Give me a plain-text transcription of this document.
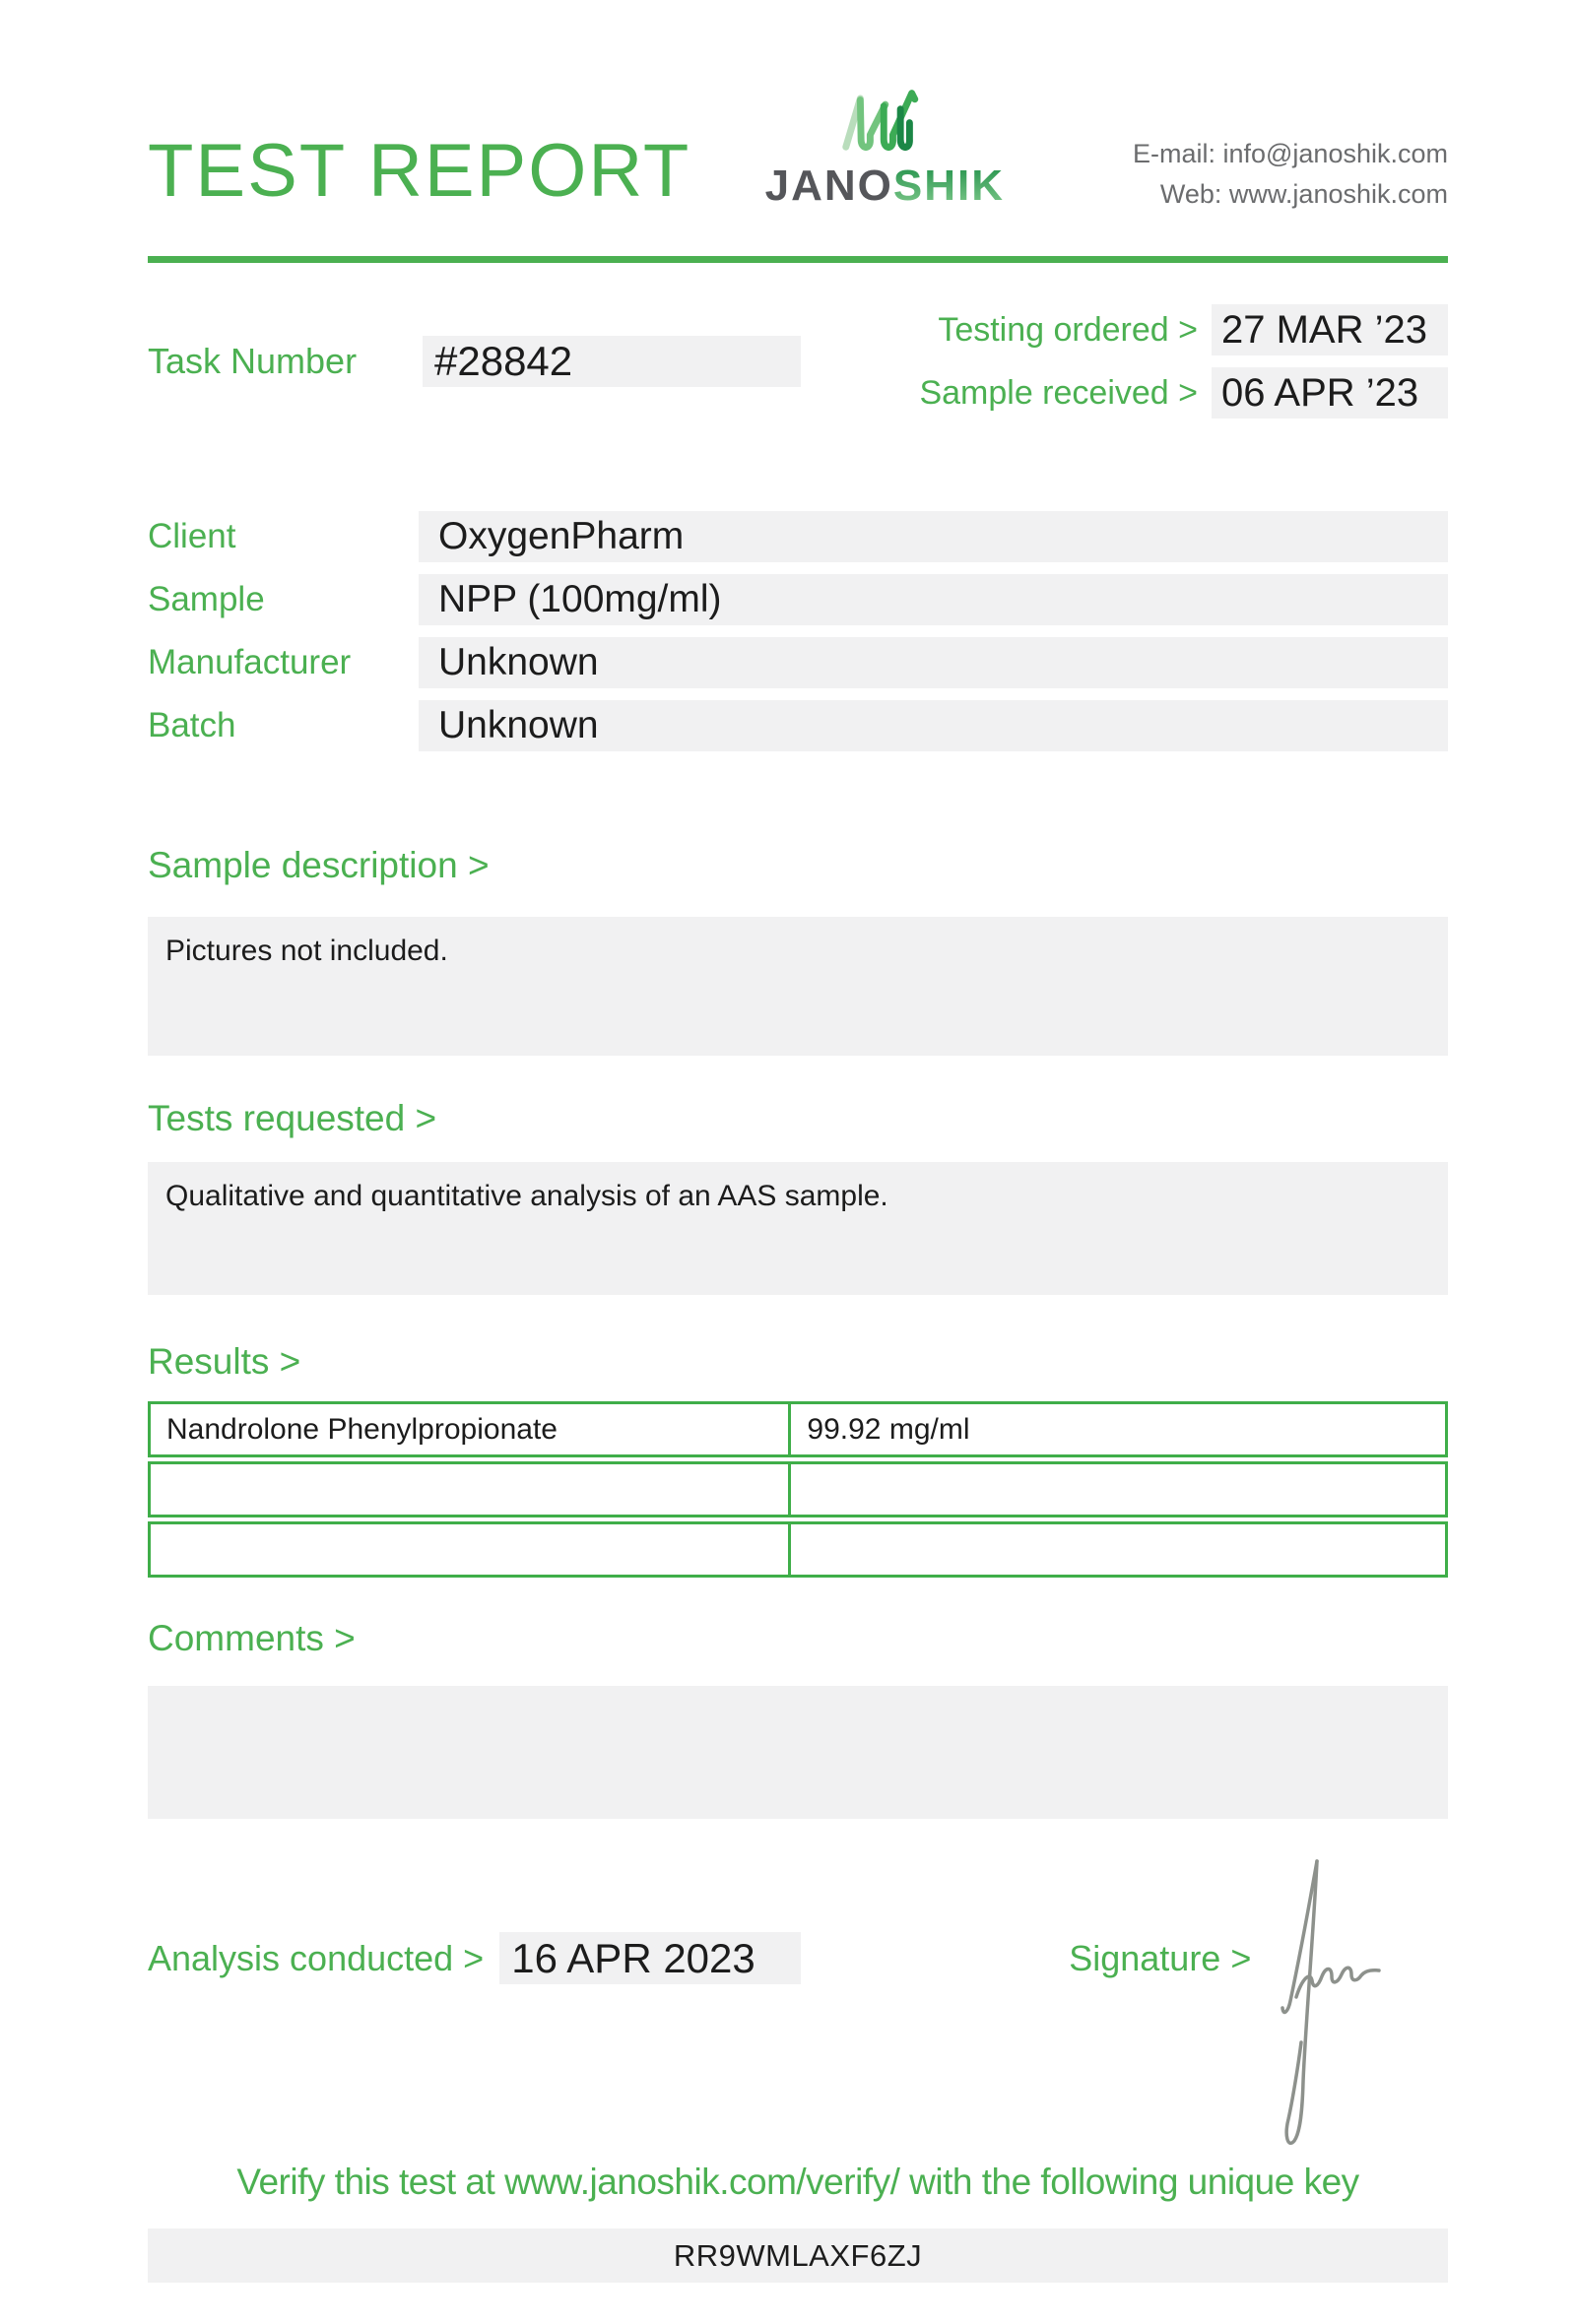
TEST REPORT JANOSHIK
E-mail: info@janoshik.com
Web: www.janoshik.com
Task Number	#28842
Testing ordered > 27 MAR ’23
Sample received > 06 APR ’23
Client	OxygenPharm
Sample	NPP (100mg/ml)
Manufacturer	Unknown
Batch	Unknown
Sample description >
Pictures not included.
Tests requested >
Qualitative and quantitative analysis of an AAS sample.
Results >
Nandrolone Phenylpropionate	99.92 mg/ml
Comments >
Analysis conducted > 16 APR 2023	Signature >
Verify this test at www.janoshik.com/verify/ with the following unique key
RR9WMLAXF6ZJ
